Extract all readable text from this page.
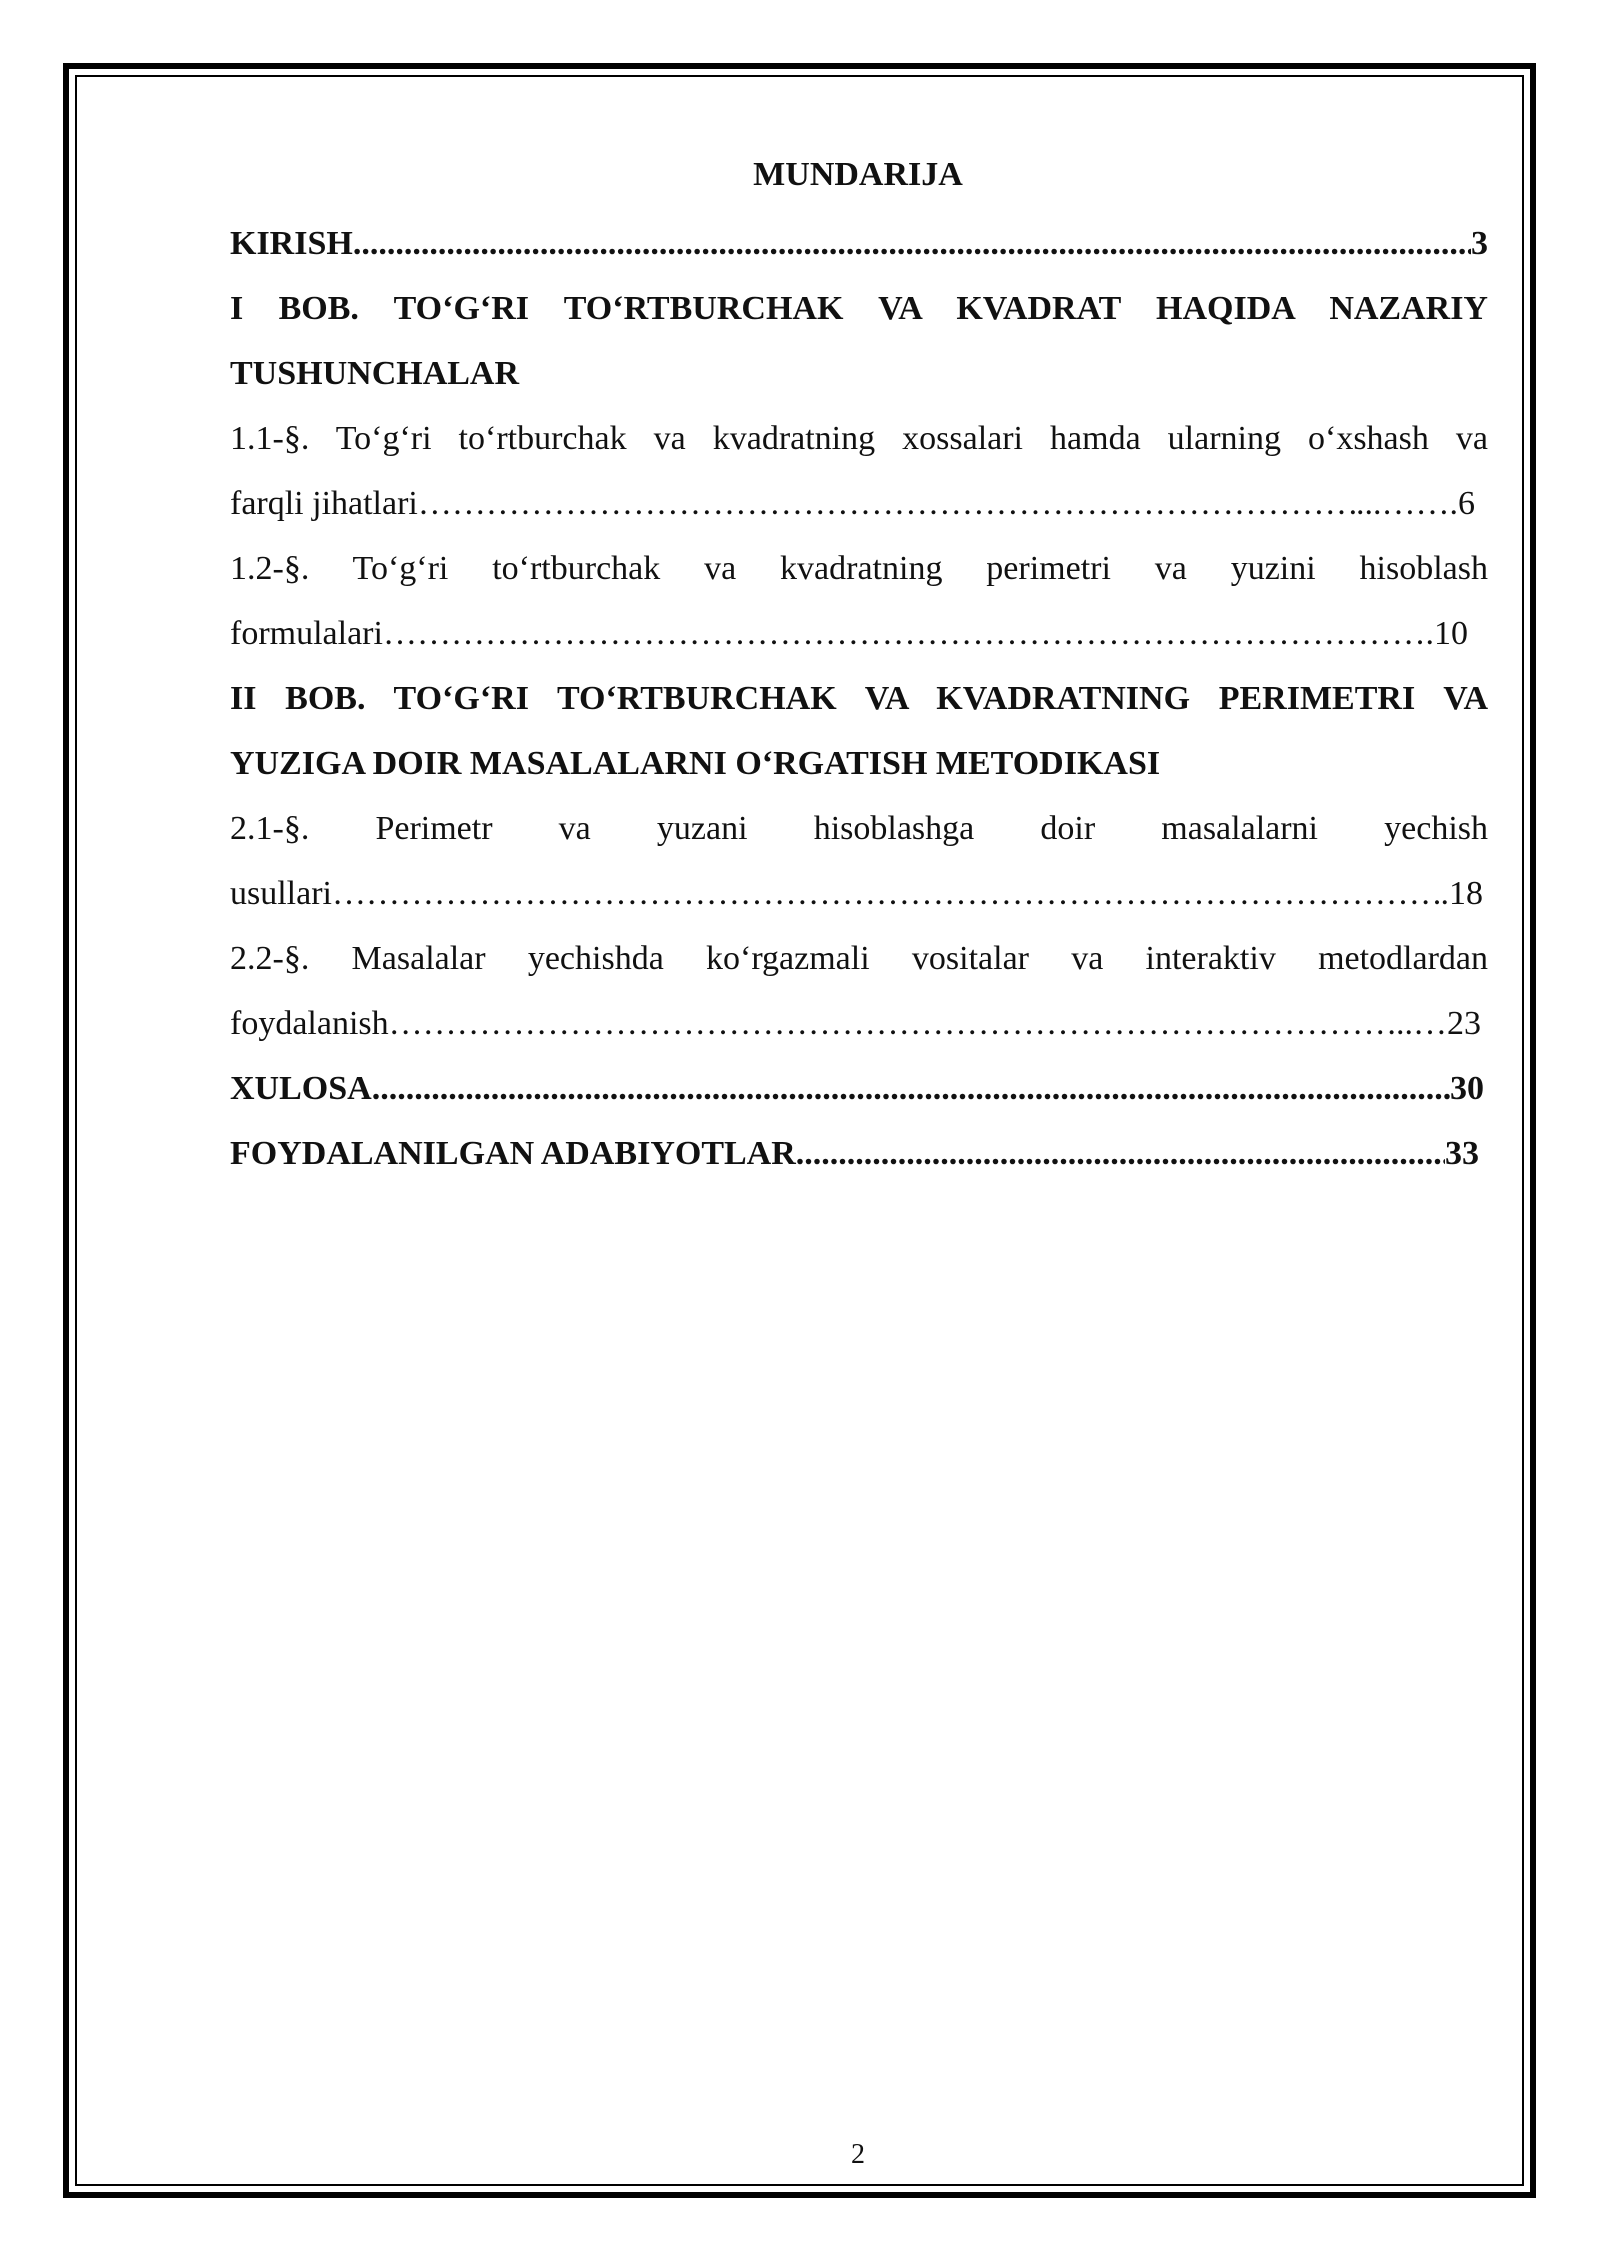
MUNDARIJA
KIRISH .....	3
I BOB. TO‘G‘RI TO‘RTBURCHAK VA KVADRAT HAQIDA NAZARIY
TUSHUNCHALAR
1.1-§. To‘g‘ri to‘rtburchak va kvadratning xossalari hamda ularning o‘xshash va
farqli jihatlari ………………………………………………………………………………………………………………………………………………………………………………	...…….6
1.2-§. To‘g‘ri to‘rtburchak va kvadratning perimetri va yuzini hisoblash
formulalari ………………………………………………………………………………………………………………………………………………………………………………	.10
II BOB. TO‘G‘RI TO‘RTBURCHAK VA KVADRATNING PERIMETRI VA
YUZIGA DOIR MASALALARNI O‘RGATISH METODIKASI
2.1-§. Perimetr va yuzani hisoblashga doir masalalarni yechish
usullari ………………………………………………………………………………………………………………………………………………………………………………	.18
2.2-§. Masalalar yechishda ko‘rgazmali vositalar va interaktiv metodlardan
foydalanish ………………………………………………………………………………………………………………………………………………………………………………	..…23
XULOSA .....	30
FOYDALANILGAN ADABIYOTLAR .....	33
2
